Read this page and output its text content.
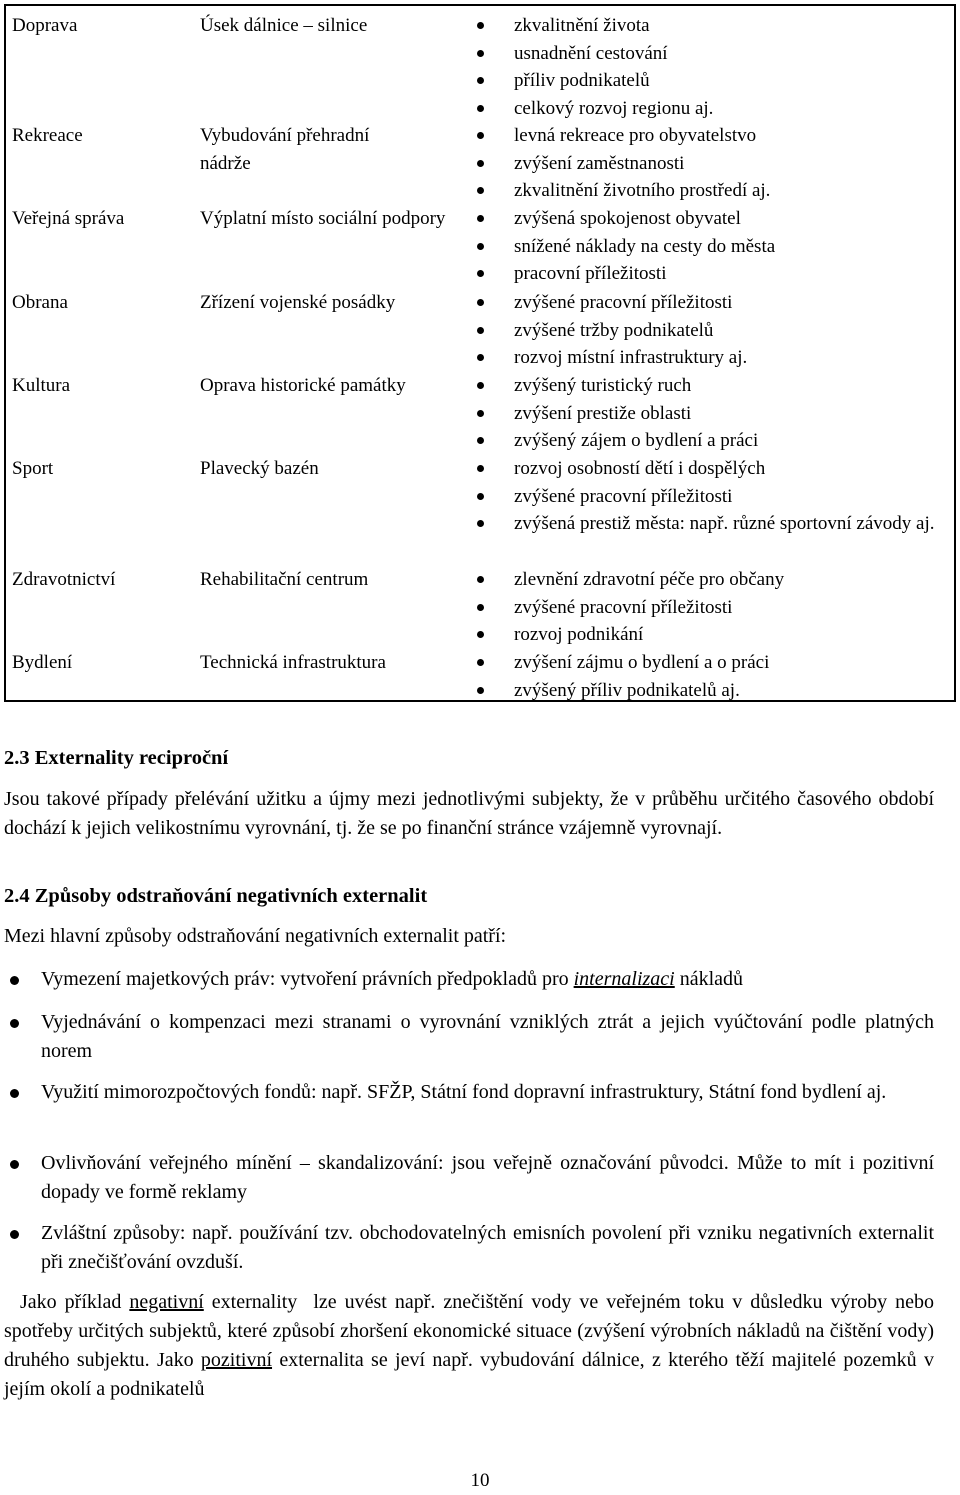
Doprava	Úsek dálnice – silnice	zkvalitnění života
usnadnění cestování
příliv podnikatelů
celkový rozvoj regionu aj.
Rekreace	Vybudování přehradní nádrže
levná rekreace pro obyvatelstvo
zvýšení zaměstnanosti
zkvalitnění životního prostředí aj.
Veřejná správa	Výplatní místo sociální podpory	zvýšená spokojenost obyvatel
snížené náklady na cesty do města
pracovní příležitosti
Obrana	Zřízení vojenské posádky	zvýšené pracovní příležitosti
zvýšené tržby podnikatelů
rozvoj místní infrastruktury aj.
Kultura	Oprava historické památky	zvýšený turistický ruch
zvýšení prestiže oblasti
zvýšený zájem o bydlení a práci
Sport	Plavecký bazén	rozvoj osobností dětí i dospělých
zvýšené pracovní příležitosti
zvýšená prestiž města: např. různé sportovní závody aj.
Zdravotnictví	Rehabilitační centrum	zlevnění zdravotní péče pro občany
zvýšené pracovní příležitosti
rozvoj podnikání
Bydlení	Technická infrastruktura	zvýšení zájmu o bydlení a o práci
zvýšený příliv podnikatelů aj.
2.3 Externality reciproční
Jsou takové případy přelévání užitku a újmy mezi jednotlivými subjekty, že v průběhu určitého časového období dochází k jejich velikostnímu vyrovnání, tj. že se po finanční stránce vzájemně vyrovnají.
2.4 Způsoby odstraňování negativních externalit
Mezi hlavní způsoby odstraňování negativních externalit patří:
Vymezení majetkových práv: vytvoření právních předpokladů pro internalizaci nákladů
Vyjednávání o kompenzaci mezi stranami o vyrovnání vzniklých ztrát a jejich vyúčtování podle platných norem
Využití mimorozpočtových fondů: např. SFŽP, Státní fond dopravní infrastruktury, Státní fond bydlení aj.
Ovlivňování veřejného mínění – skandalizování: jsou veřejně označování původci. Může to mít i pozitivní dopady ve formě reklamy
Zvláštní způsoby: např. používání tzv. obchodovatelných emisních povolení při vzniku negativních externalit při znečišťování ovzduší.
Jako příklad negativní externality  lze uvést např. znečištění vody ve veřejném toku v důsledku výroby nebo spotřeby určitých subjektů, které způsobí zhoršení ekonomické situace (zvýšení výrobních nákladů na čištění vody) druhého subjektu. Jako pozitivní externalita se jeví např. vybudování dálnice, z kterého těží majitelé pozemků v jejím okolí a podnikatelů
10
